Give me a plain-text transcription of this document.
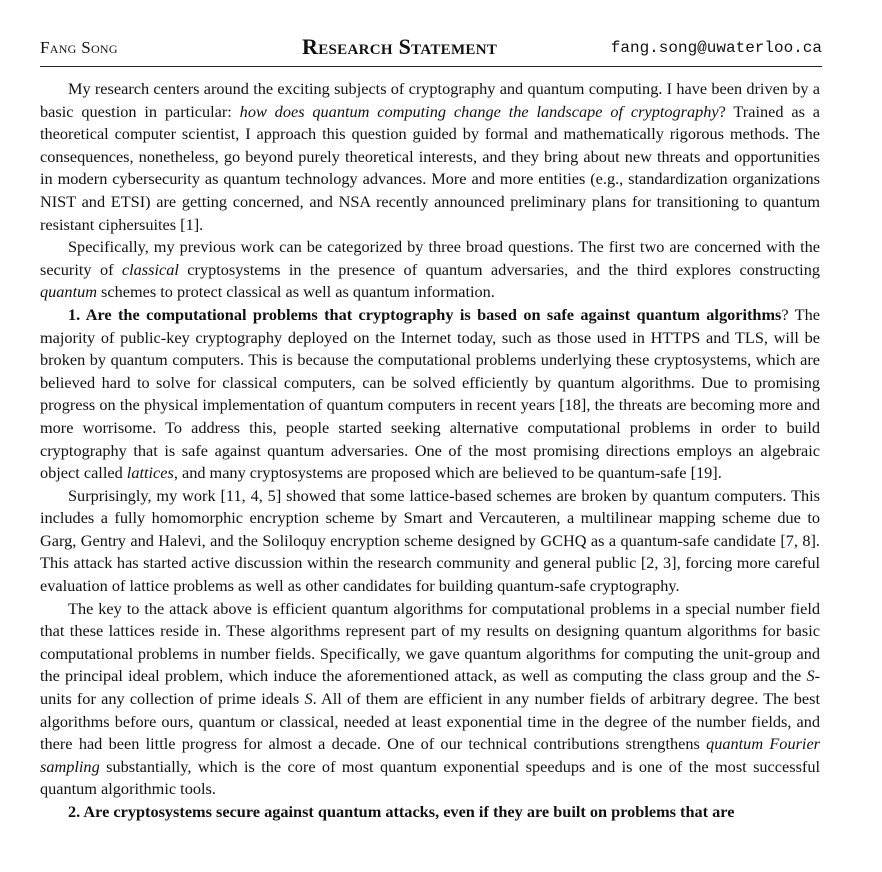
Fang Song	Research Statement	fang.song@uwaterloo.ca

My research centers around the exciting subjects of cryptography and quantum computing. I have been driven by a basic question in particular: how does quantum computing change the landscape of cryptography? Trained as a theoretical computer scientist, I approach this question guided by formal and mathematically rigorous methods. The consequences, nonetheless, go beyond purely theoretical interests, and they bring about new threats and opportunities in modern cybersecurity as quantum technology advances. More and more entities (e.g., standardization organizations NIST and ETSI) are getting concerned, and NSA recently announced preliminary plans for transitioning to quantum resistant ciphersuites [1].

Specifically, my previous work can be categorized by three broad questions. The first two are concerned with the security of classical cryptosystems in the presence of quantum adversaries, and the third explores constructing quantum schemes to protect classical as well as quantum information.

1. Are the computational problems that cryptography is based on safe against quantum algorithms? The majority of public-key cryptography deployed on the Internet today, such as those used in HTTPS and TLS, will be broken by quantum computers. This is because the computational problems underlying these cryptosystems, which are believed hard to solve for classical computers, can be solved efficiently by quantum algorithms. Due to promising progress on the physical implementation of quantum computers in recent years [18], the threats are becoming more and more worrisome. To address this, people started seeking alternative computational problems in order to build cryptography that is safe against quantum adversaries. One of the most promising directions employs an algebraic object called lattices, and many cryptosystems are proposed which are believed to be quantum-safe [19].

Surprisingly, my work [11, 4, 5] showed that some lattice-based schemes are broken by quantum computers. This includes a fully homomorphic encryption scheme by Smart and Vercauteren, a multilinear mapping scheme due to Garg, Gentry and Halevi, and the Soliloquy encryption scheme designed by GCHQ as a quantum-safe candidate [7, 8]. This attack has started active discussion within the research community and general public [2, 3], forcing more careful evaluation of lattice problems as well as other candidates for building quantum-safe cryptography.

The key to the attack above is efficient quantum algorithms for computational problems in a special number field that these lattices reside in. These algorithms represent part of my results on designing quantum algorithms for basic computational problems in number fields. Specifically, we gave quantum algorithms for computing the unit-group and the principal ideal problem, which induce the aforementioned attack, as well as computing the class group and the S-units for any collection of prime ideals S. All of them are efficient in any number fields of arbitrary degree. The best algorithms before ours, quantum or classical, needed at least exponential time in the degree of the number fields, and there had been little progress for almost a decade. One of our technical contributions strengthens quantum Fourier sampling substantially, which is the core of most quantum exponential speedups and is one of the most successful quantum algorithmic tools.

2. Are cryptosystems secure against quantum attacks, even if they are built on problems that are
